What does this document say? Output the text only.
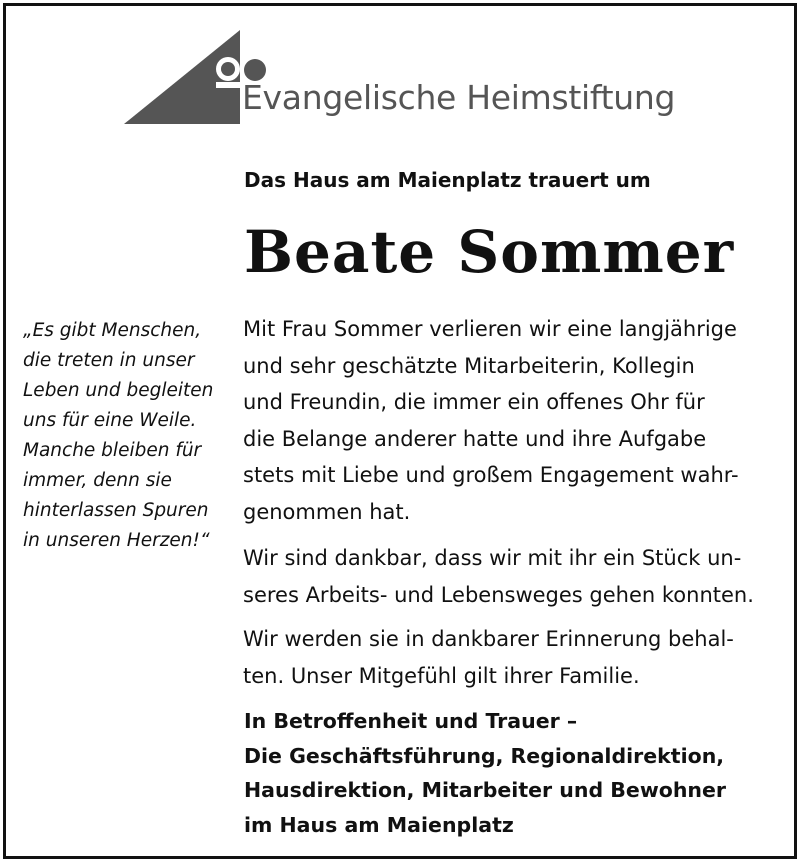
Evangelische Heimstiftung
Das Haus am Maienplatz trauert um
Beate Sommer
„Es gibt Menschen,
die treten in unser
Leben und begleiten
uns für eine Weile.
Manche bleiben für
immer, denn sie
hinterlassen Spuren
in unseren Herzen!“
Mit Frau Sommer verlieren wir eine langjährige
und sehr geschätzte Mitarbeiterin, Kollegin
und Freundin, die immer ein offenes Ohr für
die Belange anderer hatte und ihre Aufgabe
stets mit Liebe und großem Engagement wahr-
genommen hat.
Wir sind dankbar, dass wir mit ihr ein Stück un-
seres Arbeits- und Lebensweges gehen konnten.
Wir werden sie in dankbarer Erinnerung behal-
ten. Unser Mitgefühl gilt ihrer Familie.
In Betroffenheit und Trauer –
Die Geschäftsführung, Regionaldirektion,
Hausdirektion, Mitarbeiter und Bewohner
im Haus am Maienplatz
